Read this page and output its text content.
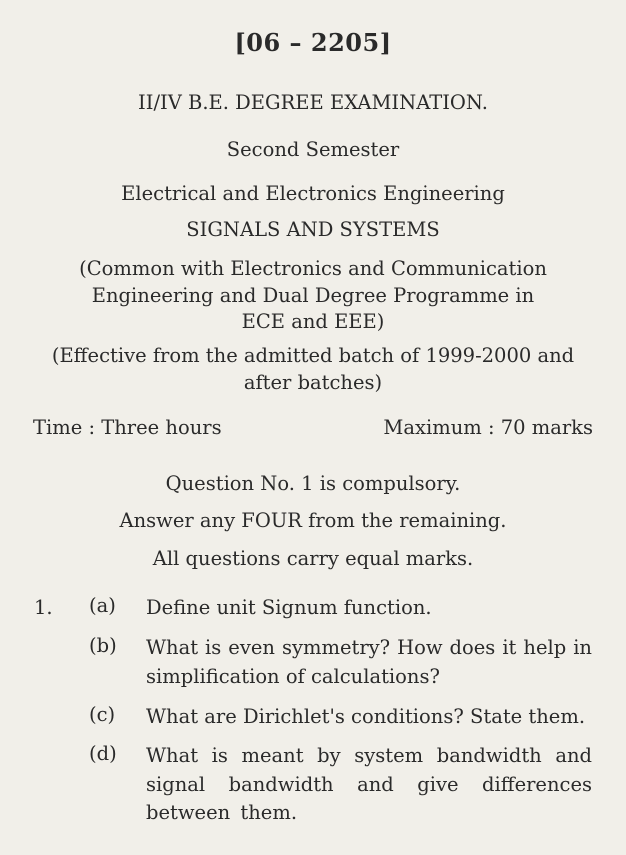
[06 – 2205]
II/IV B.E. DEGREE EXAMINATION.
Second Semester
Electrical and Electronics Engineering
SIGNALS AND SYSTEMS
(Common with Electronics and Communication
Engineering and Dual Degree Programme in
ECE and EEE)
(Effective from the admitted batch of 1999-2000 and
after batches)
Time : Three hours	Maximum : 70 marks
Question No. 1 is compulsory.
Answer any FOUR from the remaining.
All questions carry equal marks.
1. (a) Define unit Signum function.
(b) What is even symmetry? How does it help in simplification of calculations?
(c) What are Dirichlet's conditions? State them.
(d) What is meant by system bandwidth and signal bandwidth and give differences between them.
